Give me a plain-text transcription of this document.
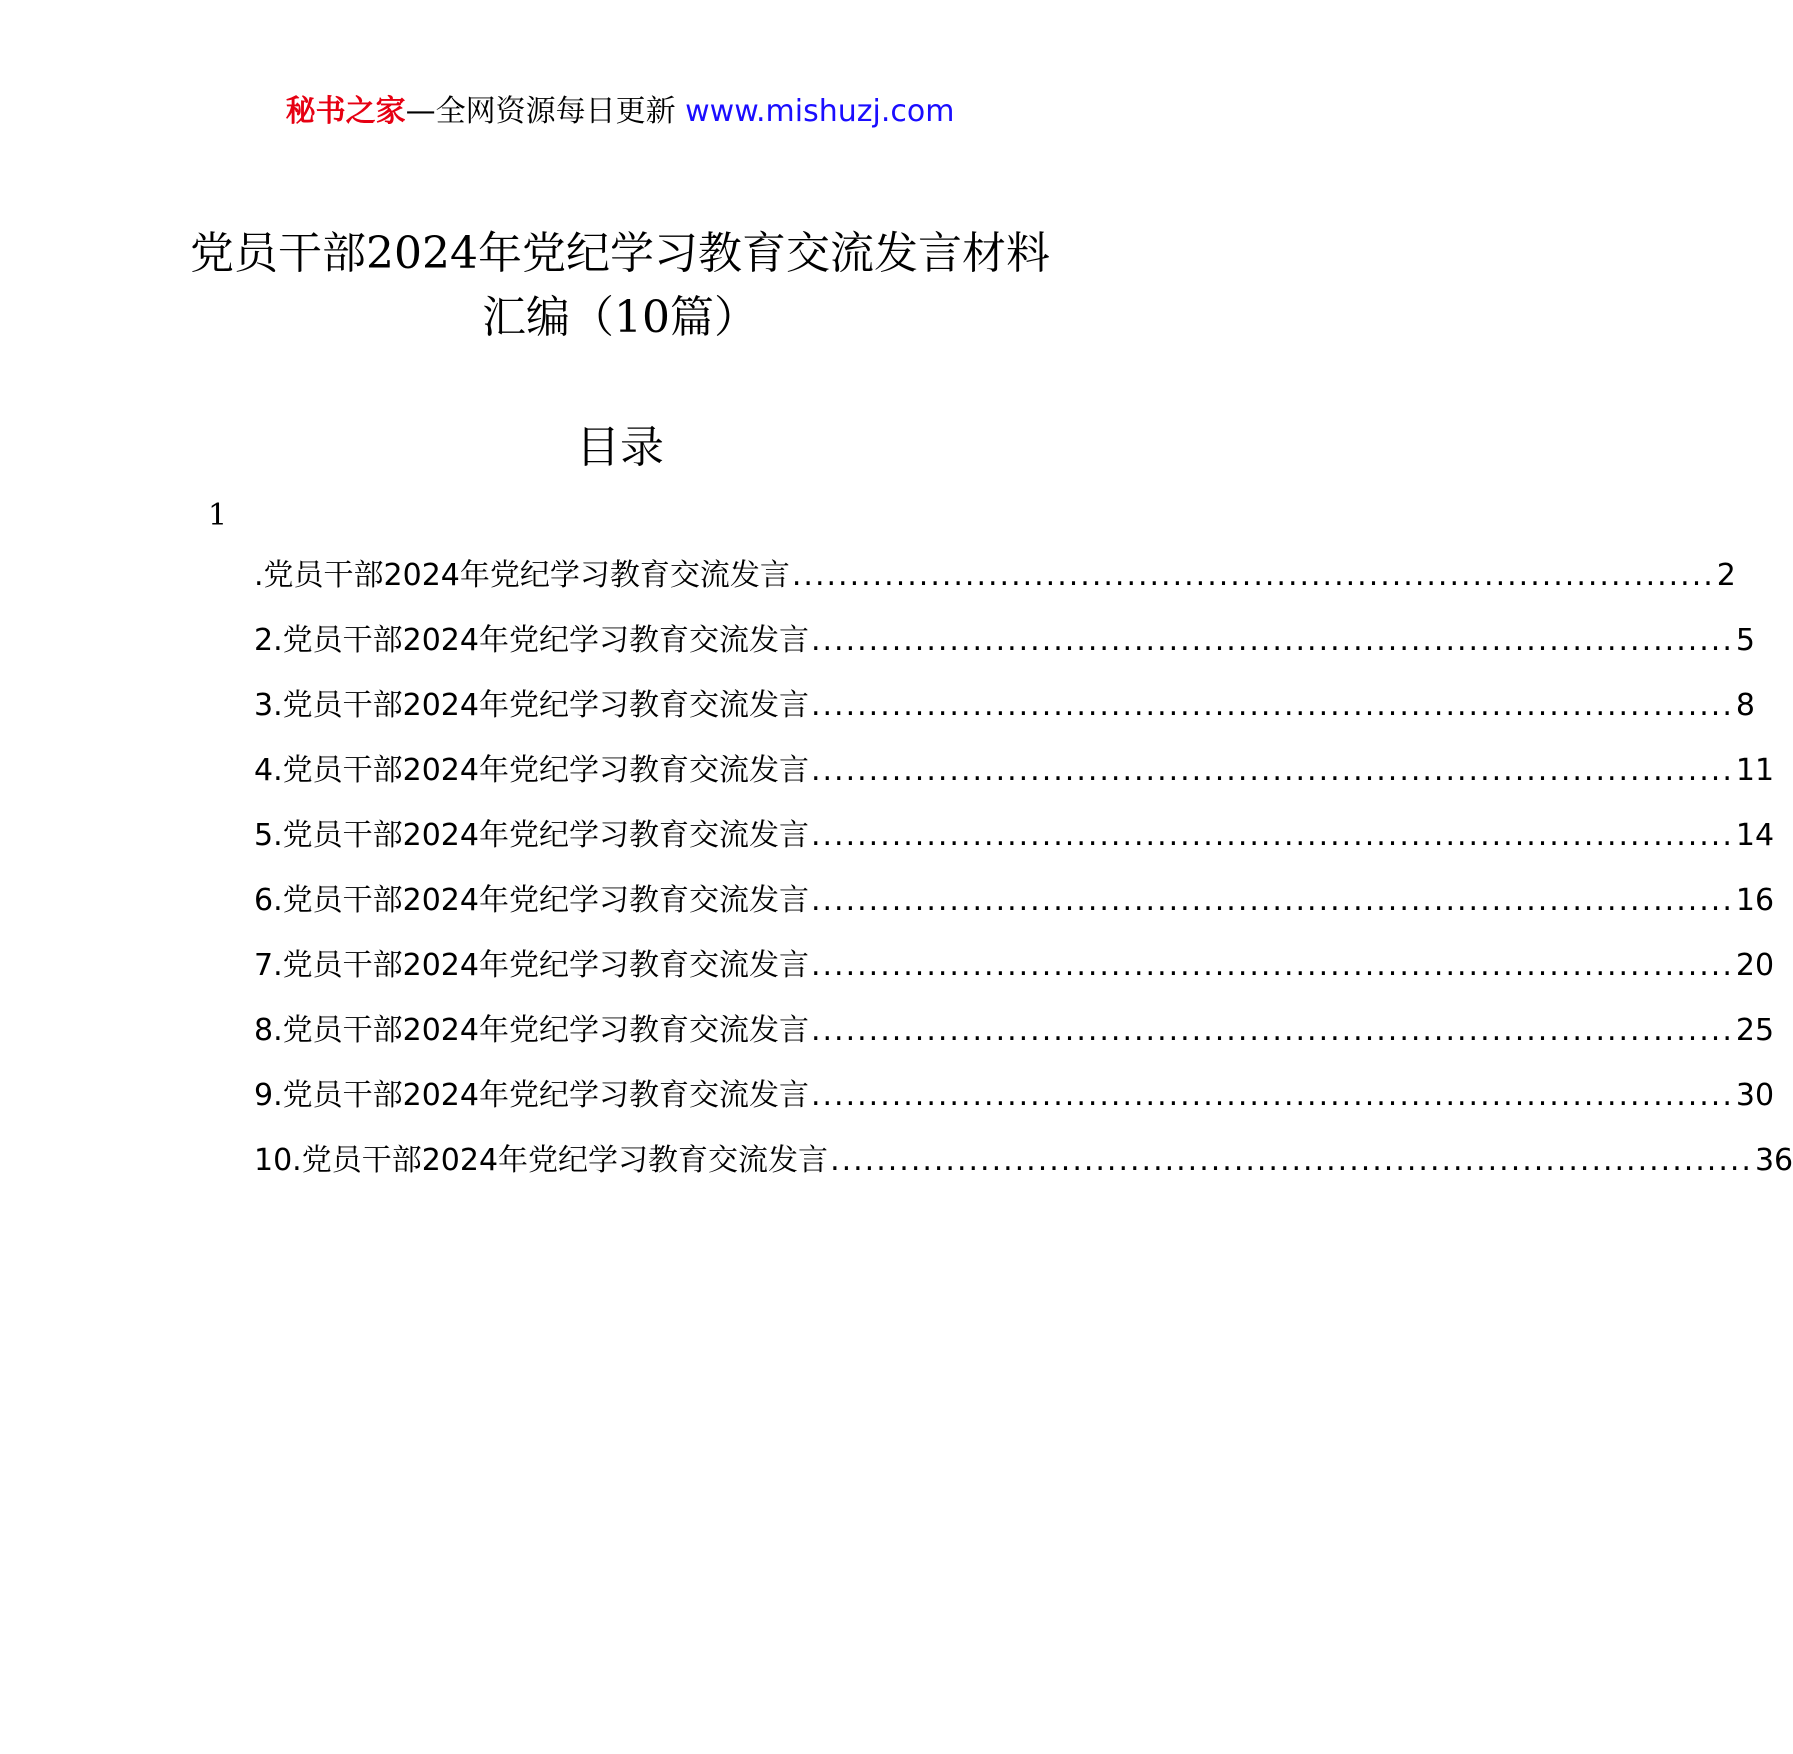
秘书之家—全网资源每日更新 www.mishuzj.com
党员干部2024年党纪学习教育交流发言材料汇编（10篇）
目录
1
.党员干部2024年党纪学习教育交流发言 ................................................................................ 2
2.党员干部2024年党纪学习教育交流发言 ................................................................................ 5
3.党员干部2024年党纪学习教育交流发言 ................................................................................ 8
4.党员干部2024年党纪学习教育交流发言 ................................................................................ 11
5.党员干部2024年党纪学习教育交流发言 ................................................................................ 14
6.党员干部2024年党纪学习教育交流发言 ................................................................................ 16
7.党员干部2024年党纪学习教育交流发言 ................................................................................ 20
8.党员干部2024年党纪学习教育交流发言 ................................................................................ 25
9.党员干部2024年党纪学习教育交流发言 ................................................................................ 30
10.党员干部2024年党纪学习教育交流发言 ................................................................................ 36
